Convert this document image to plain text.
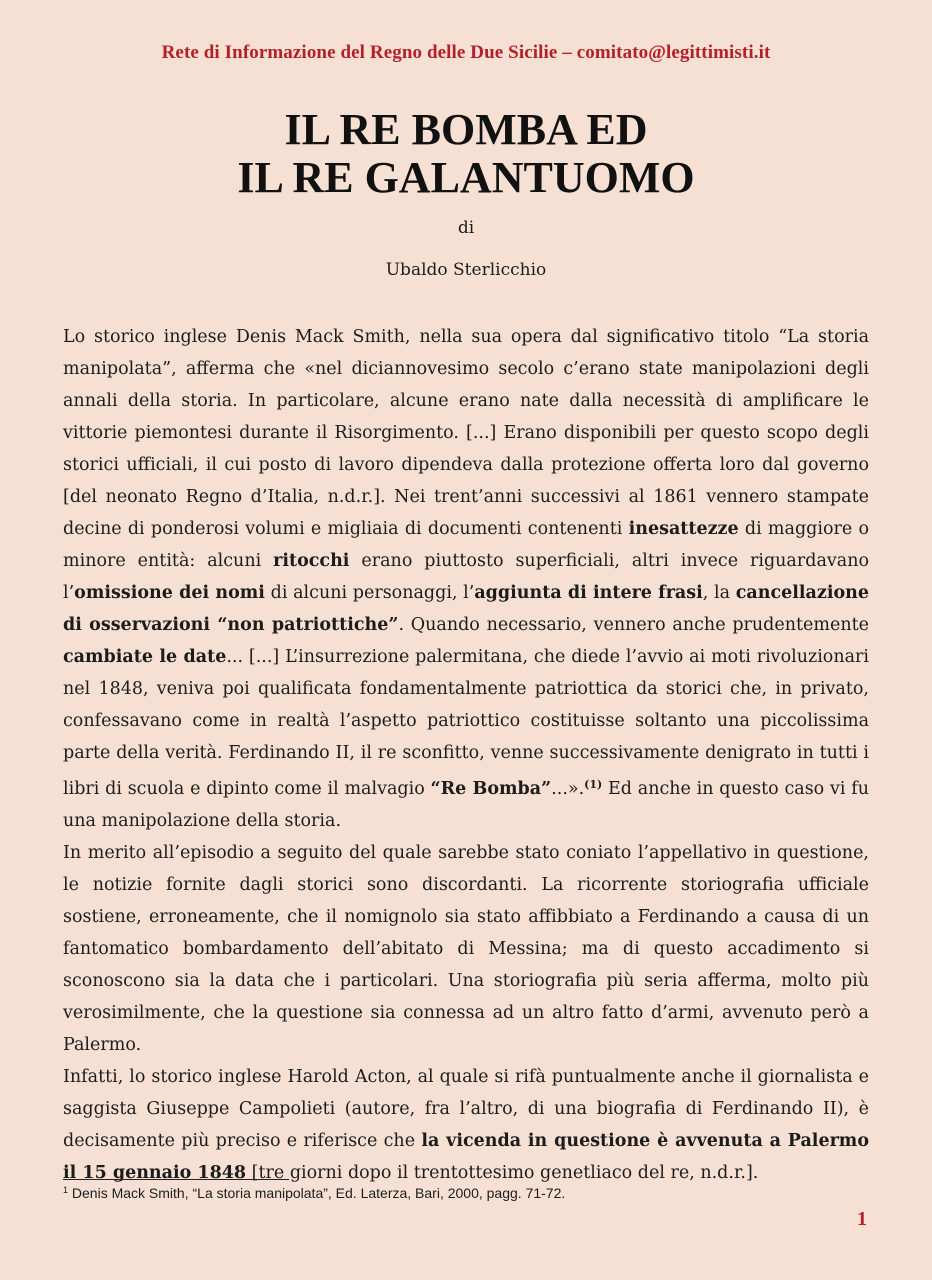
Rete di Informazione del Regno delle Due Sicilie – comitato@legittimisti.it
IL RE BOMBA ED
IL RE GALANTUOMO
di
Ubaldo Sterlicchio

Lo storico inglese Denis Mack Smith, nella sua opera dal significativo titolo “La storia manipolata”, afferma che «nel diciannovesimo secolo c’erano state manipolazioni degli annali della storia. In particolare, alcune erano nate dalla necessità di amplificare le vittorie piemontesi durante il Risorgimento. [...] Erano disponibili per questo scopo degli storici ufficiali, il cui posto di lavoro dipendeva dalla protezione offerta loro dal governo [del neonato Regno d’Italia, n.d.r.]. Nei trent’anni successivi al 1861 vennero stampate decine di ponderosi volumi e migliaia di documenti contenenti inesattezze di maggiore o minore entità: alcuni ritocchi erano piuttosto superficiali, altri invece riguardavano l’omissione dei nomi di alcuni personaggi, l’aggiunta di intere frasi, la cancellazione di osservazioni “non patriottiche”. Quando necessario, vennero anche prudentemente cambiate le date... [...] L’insurrezione palermitana, che diede l’avvio ai moti rivoluzionari nel 1848, veniva poi qualificata fondamentalmente patriottica da storici che, in privato, confessavano come in realtà l’aspetto patriottico costituisse soltanto una piccolissima parte della verità. Ferdinando II, il re sconfitto, venne successivamente denigrato in tutti i libri di scuola e dipinto come il malvagio “Re Bomba”...».$^{(1)}$ Ed anche in questo caso vi fu una manipolazione della storia.

In merito all’episodio a seguito del quale sarebbe stato coniato l’appellativo in questione, le notizie fornite dagli storici sono discordanti. La ricorrente storiografia ufficiale sostiene, erroneamente, che il nomignolo sia stato affibbiato a Ferdinando a causa di un fantomatico bombardamento dell’abitato di Messina; ma di questo accadimento si sconoscono sia la data che i particolari. Una storiografia più seria afferma, molto più verosimilmente, che la questione sia connessa ad un altro fatto d’armi, avvenuto però a Palermo.

Infatti, lo storico inglese Harold Acton, al quale si rifà puntualmente anche il giornalista e saggista Giuseppe Campolieti (autore, fra l’altro, di una biografia di Ferdinando II), è decisamente più preciso e riferisce che la vicenda in questione è avvenuta a Palermo il 15 gennaio 1848 [tre giorni dopo il trentottesimo genetliaco del re, n.d.r.].

$^1$ Denis Mack Smith, “La storia manipolata”, Ed. Laterza, Bari, 2000, pagg. 71-72.
1
